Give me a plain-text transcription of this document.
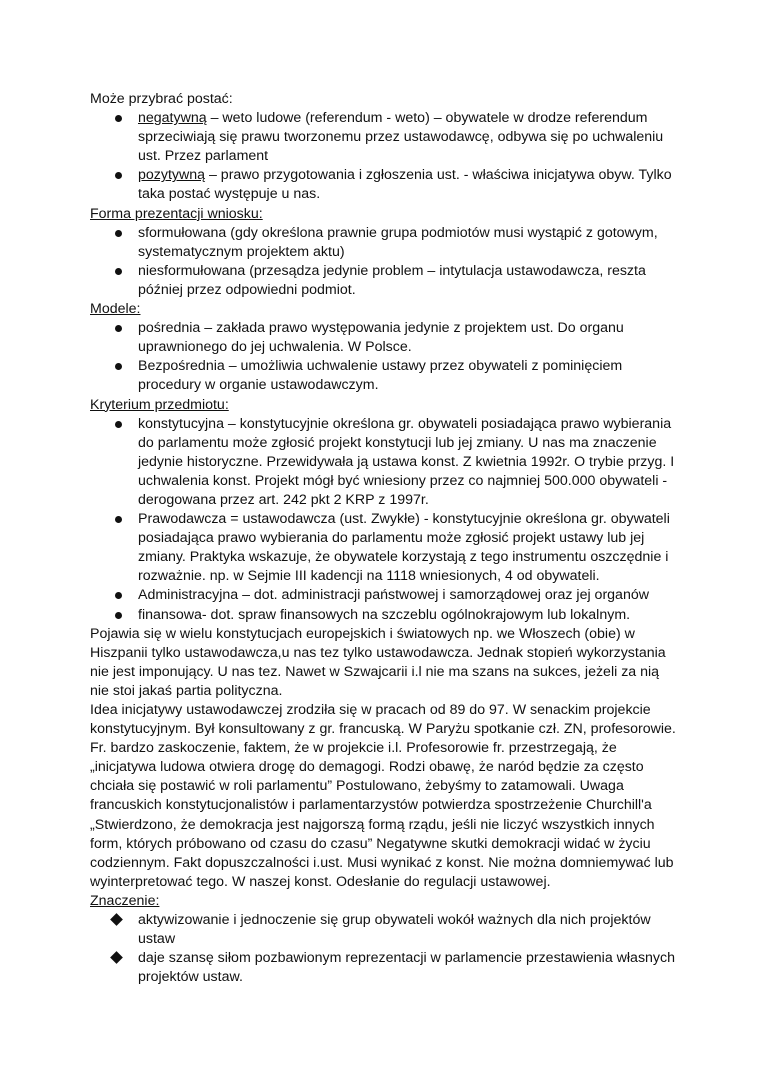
Może przybrać postać:

negatywną – weto ludowe (referendum - weto) – obywatele w drodze referendum sprzeciwiają się prawu tworzonemu przez ustawodawcę, odbywa się po uchwaleniu ust. Przez parlament
pozytywną – prawo przygotowania i zgłoszenia ust. - właściwa inicjatywa obyw. Tylko taka postać występuje u nas.

Forma prezentacji wniosku:

sformułowana (gdy określona prawnie grupa podmiotów musi wystąpić z gotowym, systematycznym projektem aktu)
niesformułowana (przesądza jedynie problem – intytulacja ustawodawcza, reszta później przez odpowiedni podmiot.

Modele:

pośrednia – zakłada prawo występowania jedynie z projektem ust. Do organu uprawnionego do jej uchwalenia. W Polsce.
Bezpośrednia – umożliwia uchwalenie ustawy przez obywateli z pominięciem procedury w organie ustawodawczym.

Kryterium przedmiotu:

konstytucyjna – konstytucyjnie określona gr. obywateli posiadająca prawo wybierania do parlamentu może zgłosić projekt konstytucji lub jej zmiany. U nas ma znaczenie jedynie historyczne. Przewidywała ją ustawa konst. Z kwietnia 1992r. O trybie przyg. I uchwalenia konst. Projekt mógł być wniesiony przez co najmniej 500.000 obywateli - derogowana przez art. 242 pkt 2 KRP z 1997r.
Prawodawcza = ustawodawcza (ust. Zwykłe) - konstytucyjnie określona gr. obywateli posiadająca prawo wybierania do parlamentu może zgłosić projekt ustawy lub jej zmiany. Praktyka wskazuje, że obywatele korzystają z tego instrumentu oszczędnie i rozważnie. np. w Sejmie III kadencji na 1118 wniesionych, 4 od obywateli.
Administracyjna – dot. administracji państwowej i samorządowej oraz jej organów
finansowa- dot. spraw finansowych na szczeblu ogólnokrajowym lub lokalnym.

Pojawia się w wielu konstytucjach europejskich i światowych np. we Włoszech (obie) w Hiszpanii tylko ustawodawcza,u nas tez tylko ustawodawcza. Jednak stopień wykorzystania nie jest imponujący. U nas tez. Nawet w Szwajcarii i.l nie ma szans na sukces, jeżeli za nią nie stoi jakaś partia polityczna.

Idea inicjatywy ustawodawczej zrodziła się w pracach od 89 do 97. W senackim projekcie konstytucyjnym. Był konsultowany z gr. francuską. W Paryżu spotkanie czł. ZN, profesorowie. Fr. bardzo zaskoczenie, faktem, że w projekcie i.l. Profesorowie fr. przestrzegają, że „inicjatywa ludowa otwiera drogę do demagogi. Rodzi obawę, że naród będzie za często chciała się postawić w roli parlamentu” Postulowano, żebyśmy to zatamowali. Uwaga francuskich konstytucjonalistów i parlamentarzystów potwierdza spostrzeżenie Churchill'a „Stwierdzono, że demokracja jest najgorszą formą rządu, jeśli nie liczyć wszystkich innych form, których próbowano od czasu do czasu” Negatywne skutki demokracji widać w życiu codziennym. Fakt dopuszczalności i.ust. Musi wynikać z konst. Nie można domniemywać lub wyinterpretować tego. W naszej konst. Odesłanie do regulacji ustawowej.

Znaczenie:

aktywizowanie i jednoczenie się grup obywateli wokół ważnych dla nich projektów ustaw
daje szansę siłom pozbawionym reprezentacji w parlamencie przestawienia własnych projektów ustaw.
